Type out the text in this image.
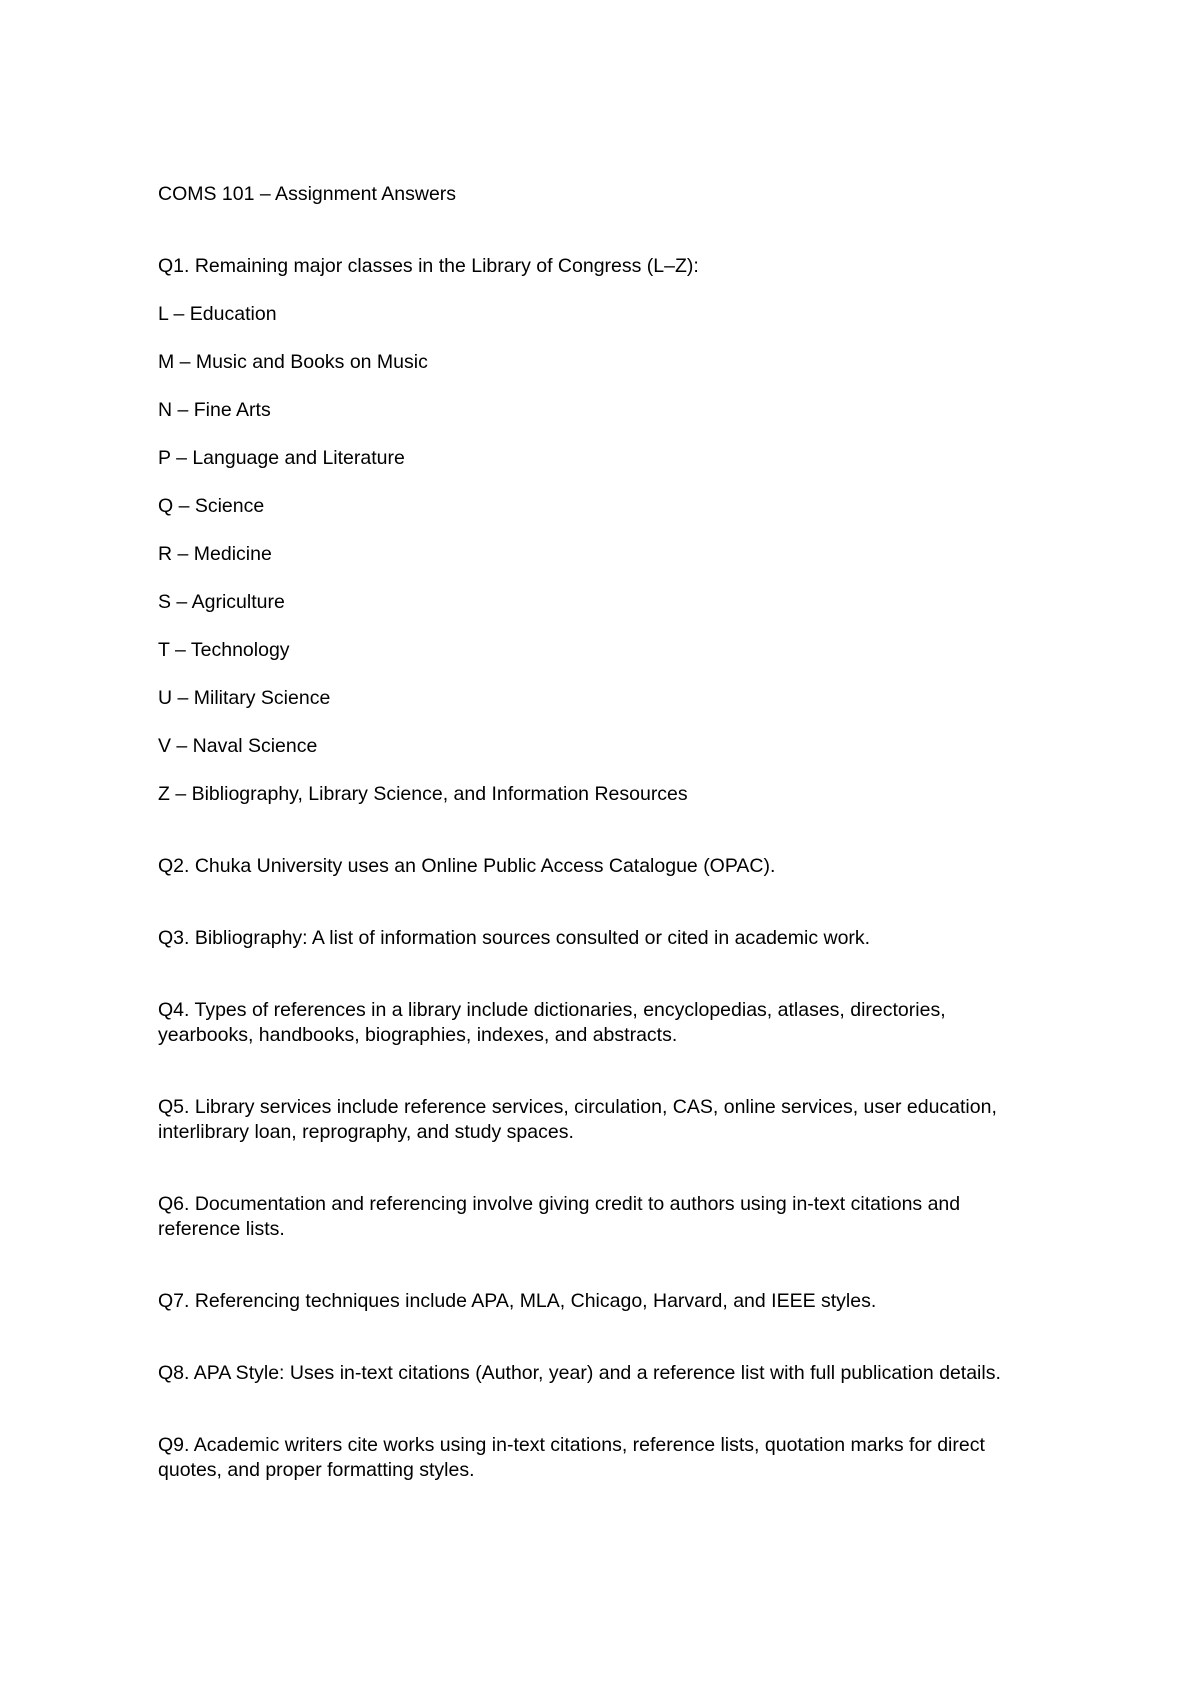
COMS 101 – Assignment Answers
Q1. Remaining major classes in the Library of Congress (L–Z):
L – Education
M – Music and Books on Music
N – Fine Arts
P – Language and Literature
Q – Science
R – Medicine
S – Agriculture
T – Technology
U – Military Science
V – Naval Science
Z – Bibliography, Library Science, and Information Resources
Q2. Chuka University uses an Online Public Access Catalogue (OPAC).
Q3. Bibliography: A list of information sources consulted or cited in academic work.
Q4. Types of references in a library include dictionaries, encyclopedias, atlases, directories,
yearbooks, handbooks, biographies, indexes, and abstracts.
Q5. Library services include reference services, circulation, CAS, online services, user education,
interlibrary loan, reprography, and study spaces.
Q6. Documentation and referencing involve giving credit to authors using in-text citations and
reference lists.
Q7. Referencing techniques include APA, MLA, Chicago, Harvard, and IEEE styles.
Q8. APA Style: Uses in-text citations (Author, year) and a reference list with full publication details.
Q9. Academic writers cite works using in-text citations, reference lists, quotation marks for direct
quotes, and proper formatting styles.
